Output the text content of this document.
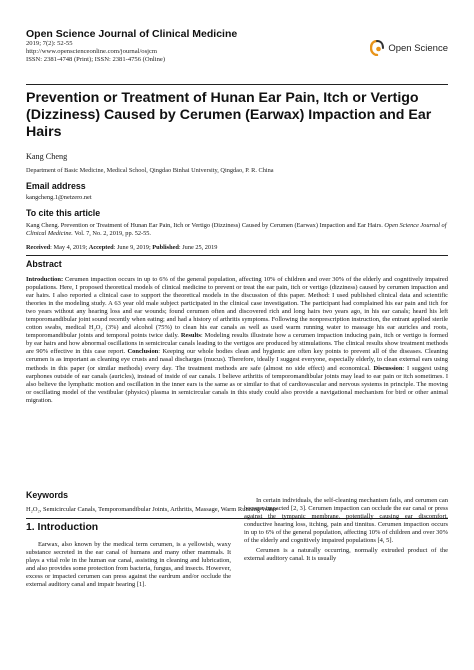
Open Science Journal of Clinical Medicine
2019; 7(2): 52-55
http://www.openscienceonline.com/journal/osjcm
ISSN: 2381-4748 (Print); ISSN: 2381-4756 (Online)
Open Science
Prevention or Treatment of Hunan Ear Pain, Itch or Vertigo (Dizziness) Caused by Cerumen (Earwax) Impaction and Ear Hairs
Kang Cheng
Department of Basic Medicine, Medical School, Qingdao Binhai University, Qingdao, P. R. China
Email address
kangcheng.1@netzero.net
To cite this article
Kang Cheng. Prevention or Treatment of Hunan Ear Pain, Itch or Vertigo (Dizziness) Caused by Cerumen (Earwax) Impaction and Ear Hairs. Open Science Journal of Clinical Medicine. Vol. 7, No. 2, 2019, pp. 52-55.
Received: May 4, 2019; Accepted: June 9, 2019; Published: June 25, 2019
Abstract
Introduction: Cerumen impaction occurs in up to 6% of the general population, affecting 10% of children and over 30% of the elderly and cognitively impaired populations. Here, I proposed theoretical models of clinical medicine to prevent or treat the ear pain, itch or vertigo (dizziness) caused by cerumen impaction and ear hairs. I also reported a clinical case to support the theoretical models in the discussion of this paper. Method: I used published clinical data and scientific theories in the modeling study. A 63 year old male subject participated in the clinical case investigation. The participant had complained his ear pain and itch for two years without any hearing loss and ear wounds; found cerumen often and discovered rich and long hairs two years ago, in his ear canals; heard his left temporomandibular joint sound recently when eating; and had a history of arthritis symptoms. Following the nonprescription instruction, the entrant applied sterile cotton swabs, medical H₂O₂ (3%) and alcohol (75%) to clean his ear canals as well as used warm running water to massage his ear auricles and roots, temporomandibular joints and temporal points twice daily. Results: Modeling results illustrate how a cerumen impaction inducing pain, itch or vertigo is formed by ear hairs and how abnormal oscillations in semicircular canals leading to the vertigos are produced by stimulations. The clinical results show treatment methods are 90% effective in this case report. Conclusion: Keeping our whole bodies clean and hygienic are often key points to prevent all of the diseases. Cleaning cerumen is as important as cleaning eye crusts and nasal discharges (mucus). Therefore, ideally I suggest everyone, especially elderly, to clean external ears using methods in this paper (or similar methods) every day. The treatment methods are safe (almost no side effect) and economical. Discussion: I suggest using earphones outside of ear canals (auricles), instead of inside of ear canals. I believe arthritis of temporomandibular joints may lead to ear pain or itch sometimes. I also believe the lymphatic motion and oscillation in the inner ears is the same as or similar to that of cardiovascular and nervous systems in principle. The moving or oscillating model of the vestibular (physics) plasma in semicircular canals in this study could also provide a navigational mechanism for bird or other animal migration.
Keywords
H₂O₂, Semicircular Canals, Temporomandibular Joints, Arthritis, Massage, Warm Running Water
1. Introduction
Earwax, also known by the medical term cerumen, is a yellowish, waxy substance secreted in the ear canal of humans and many other mammals. It plays a vital role in the human ear canal, assisting in cleaning and lubrication, and also provides some protection from bacteria, fungus, and insects. However, excess or impacted cerumen can press against the eardrum and/or occlude the external auditory canal and impair hearing [1].
In certain individuals, the self-cleaning mechanism fails, and cerumen can become impacted [2, 3]. Cerumen impaction can occlude the ear canal or press against the tympanic membrane, potentially causing ear discomfort, conductive hearing loss, itching, pain and tinnitus. Cerumen impaction occurs in up to 6% of the general population, affecting 10% of children and over 30% of the elderly and cognitively impaired populations [4, 5].
Cerumen is a naturally occurring, normally extruded product of the external auditory canal. It is usually
